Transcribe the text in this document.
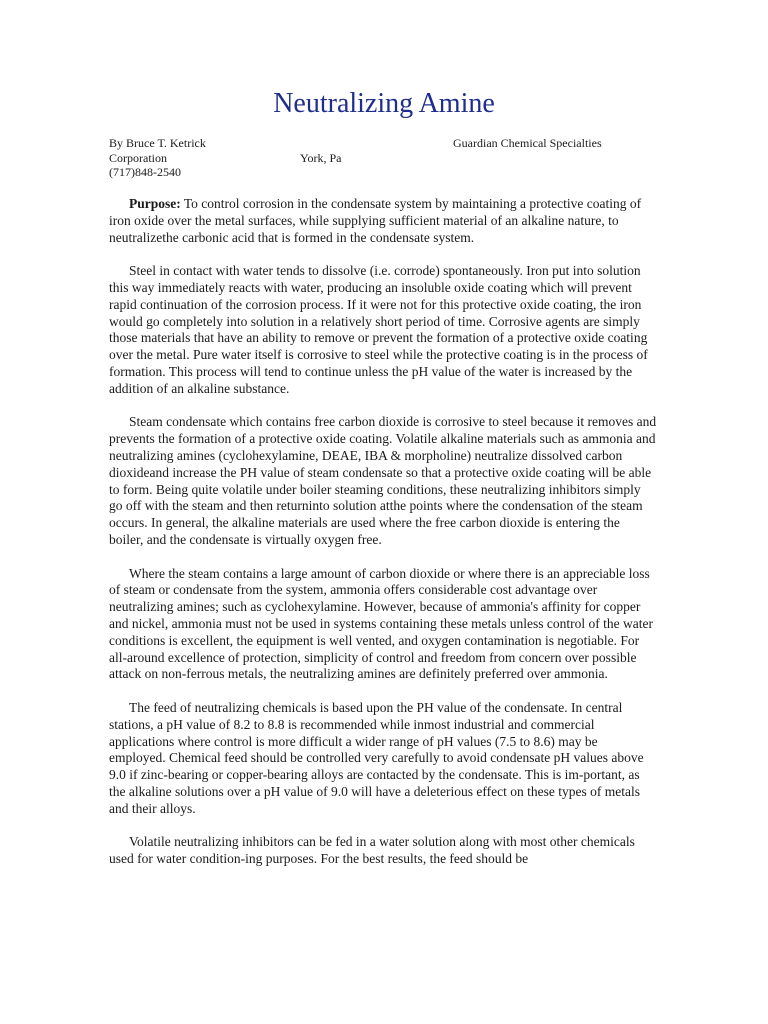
Neutralizing Amine
By Bruce T. Ketrick	Guardian Chemical Specialties
Corporation	York, Pa
(717)848-2540

Purpose: To control corrosion in the condensate system by maintaining a protective coating of iron oxide over the metal surfaces, while supplying sufficient material of an alkaline nature, to neutralizethe carbonic acid that is formed in the condensate system.

Steel in contact with water tends to dissolve (i.e. corrode) spontaneously. Iron put into solution this way immediately reacts with water, producing an insoluble oxide coating which will prevent rapid continuation of the corrosion process. If it were not for this protective oxide coating, the iron would go completely into solution in a relatively short period of time. Corrosive agents are simply those materials that have an ability to remove or prevent the formation of a protective oxide coating over the metal. Pure water itself is corrosive to steel while the protective coating is in the process of formation. This process will tend to continue unless the pH value of the water is increased by the addition of an alkaline substance.

Steam condensate which contains free carbon dioxide is corrosive to steel because it removes and prevents the formation of a protective oxide coating. Volatile alkaline materials such as ammonia and neutralizing amines (cyclohexylamine, DEAE, IBA & morpholine) neutralize dissolved carbon dioxideand increase the PH value of steam condensate so that a protective oxide coating will be able to form. Being quite volatile under boiler steaming conditions, these neutralizing inhibitors simply go off with the steam and then returninto solution atthe points where the condensation of the steam occurs. In general, the alkaline materials are used where the free carbon dioxide is entering the boiler, and the condensate is virtually oxygen free.

Where the steam contains a large amount of carbon dioxide or where there is an appreciable loss of steam or condensate from the system, ammonia offers considerable cost advantage over neutralizing amines; such as cyclohexylamine. However, because of ammonia's affinity for copper and nickel, ammonia must not be used in systems containing these metals unless control of the water conditions is excellent, the equipment is well vented, and oxygen contamination is negotiable. For all-around excellence of protection, simplicity of control and freedom from concern over possible attack on non-ferrous metals, the neutralizing amines are definitely preferred over ammonia.

The feed of neutralizing chemicals is based upon the PH value of the condensate. In central stations, a pH value of 8.2 to 8.8 is recommended while inmost industrial and commercial applications where control is more difficult a wider range of pH values (7.5 to 8.6) may be employed. Chemical feed should be controlled very carefully to avoid condensate pH values above 9.0 if zinc-bearing or copper-bearing alloys are contacted by the condensate. This is im-portant, as the alkaline solutions over a pH value of 9.0 will have a deleterious effect on these types of metals and their alloys.

Volatile neutralizing inhibitors can be fed in a water solution along with most other chemicals used for water condition-ing purposes. For the best results, the feed should be
